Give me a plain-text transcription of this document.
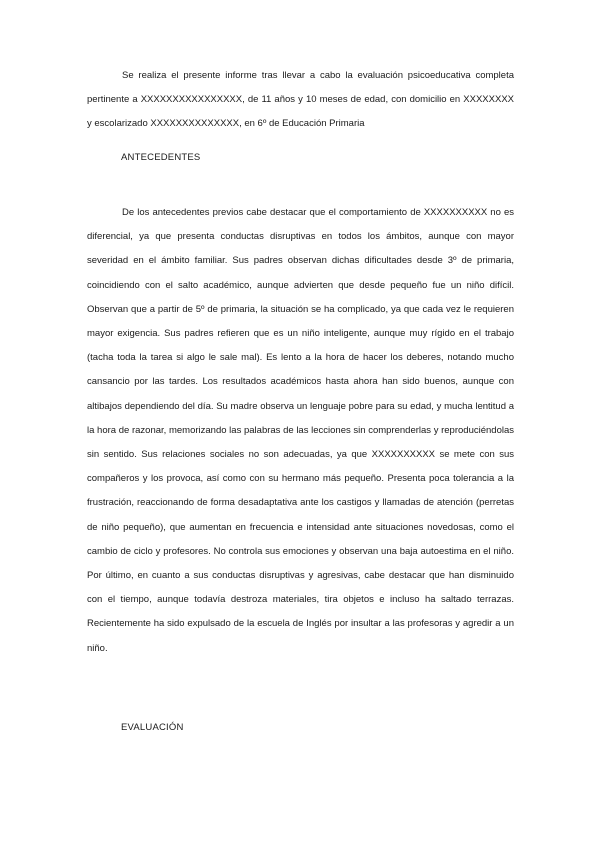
Se realiza el presente informe tras llevar a cabo la evaluación psicoeducativa completa pertinente a XXXXXXXXXXXXXXXX, de 11 años y 10 meses de edad, con domicilio en XXXXXXXX y escolarizado XXXXXXXXXXXXXX, en 6º de Educación Primaria

ANTECEDENTES

De los antecedentes previos cabe destacar que el comportamiento de XXXXXXXXXX no es diferencial, ya que presenta conductas disruptivas en todos los ámbitos, aunque con mayor severidad en el ámbito familiar. Sus padres observan dichas dificultades desde 3º de primaria, coincidiendo con el salto académico, aunque advierten que desde pequeño fue un niño difícil. Observan que a partir de 5º de primaria, la situación se ha complicado, ya que cada vez le requieren mayor exigencia. Sus padres refieren que es un niño inteligente, aunque muy rígido en el trabajo (tacha toda la tarea si algo le sale mal). Es lento a la hora de hacer los deberes, notando mucho cansancio por las tardes. Los resultados académicos hasta ahora han sido buenos, aunque con altibajos dependiendo del día. Su madre observa un lenguaje pobre para su edad, y mucha lentitud a la hora de razonar, memorizando las palabras de las lecciones sin comprenderlas y reproduciéndolas sin sentido. Sus relaciones sociales no son adecuadas, ya que XXXXXXXXXX se mete con sus compañeros y los provoca, así como con su hermano más pequeño. Presenta poca tolerancia a la frustración, reaccionando de forma desadaptativa ante los castigos y llamadas de atención (perretas de niño pequeño), que aumentan en frecuencia e intensidad ante situaciones novedosas, como el cambio de ciclo y profesores. No controla sus emociones y observan una baja autoestima en el niño. Por último, en cuanto a sus conductas disruptivas y agresivas, cabe destacar que han disminuido con el tiempo, aunque todavía destroza materiales, tira objetos e incluso ha saltado terrazas. Recientemente ha sido expulsado de la escuela de Inglés por insultar a las profesoras y agredir a un niño.

EVALUACIÓN
